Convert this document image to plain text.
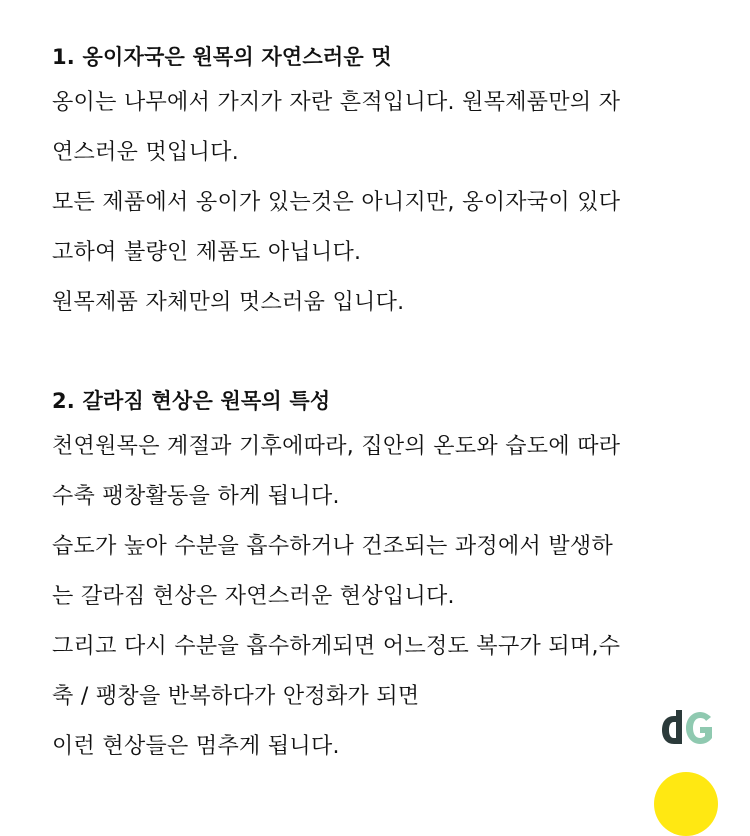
1. 옹이자국은 원목의 자연스러운 멋
옹이는 나무에서 가지가 자란 흔적입니다. 원목제품만의 자
연스러운 멋입니다.
모든 제품에서 옹이가 있는것은 아니지만, 옹이자국이 있다
고하여 불량인 제품도 아닙니다.
원목제품 자체만의 멋스러움 입니다.
2. 갈라짐 현상은 원목의 특성
천연원목은 계절과 기후에따라, 집안의 온도와 습도에 따라
수축 팽창활동을 하게 됩니다.
습도가 높아 수분을 흡수하거나 건조되는 과정에서 발생하
는 갈라짐 현상은 자연스러운 현상입니다.
그리고 다시 수분을 흡수하게되면 어느정도 복구가 되며,수
축 / 팽창을 반복하다가 안정화가 되면
이런 현상들은 멈추게 됩니다.
